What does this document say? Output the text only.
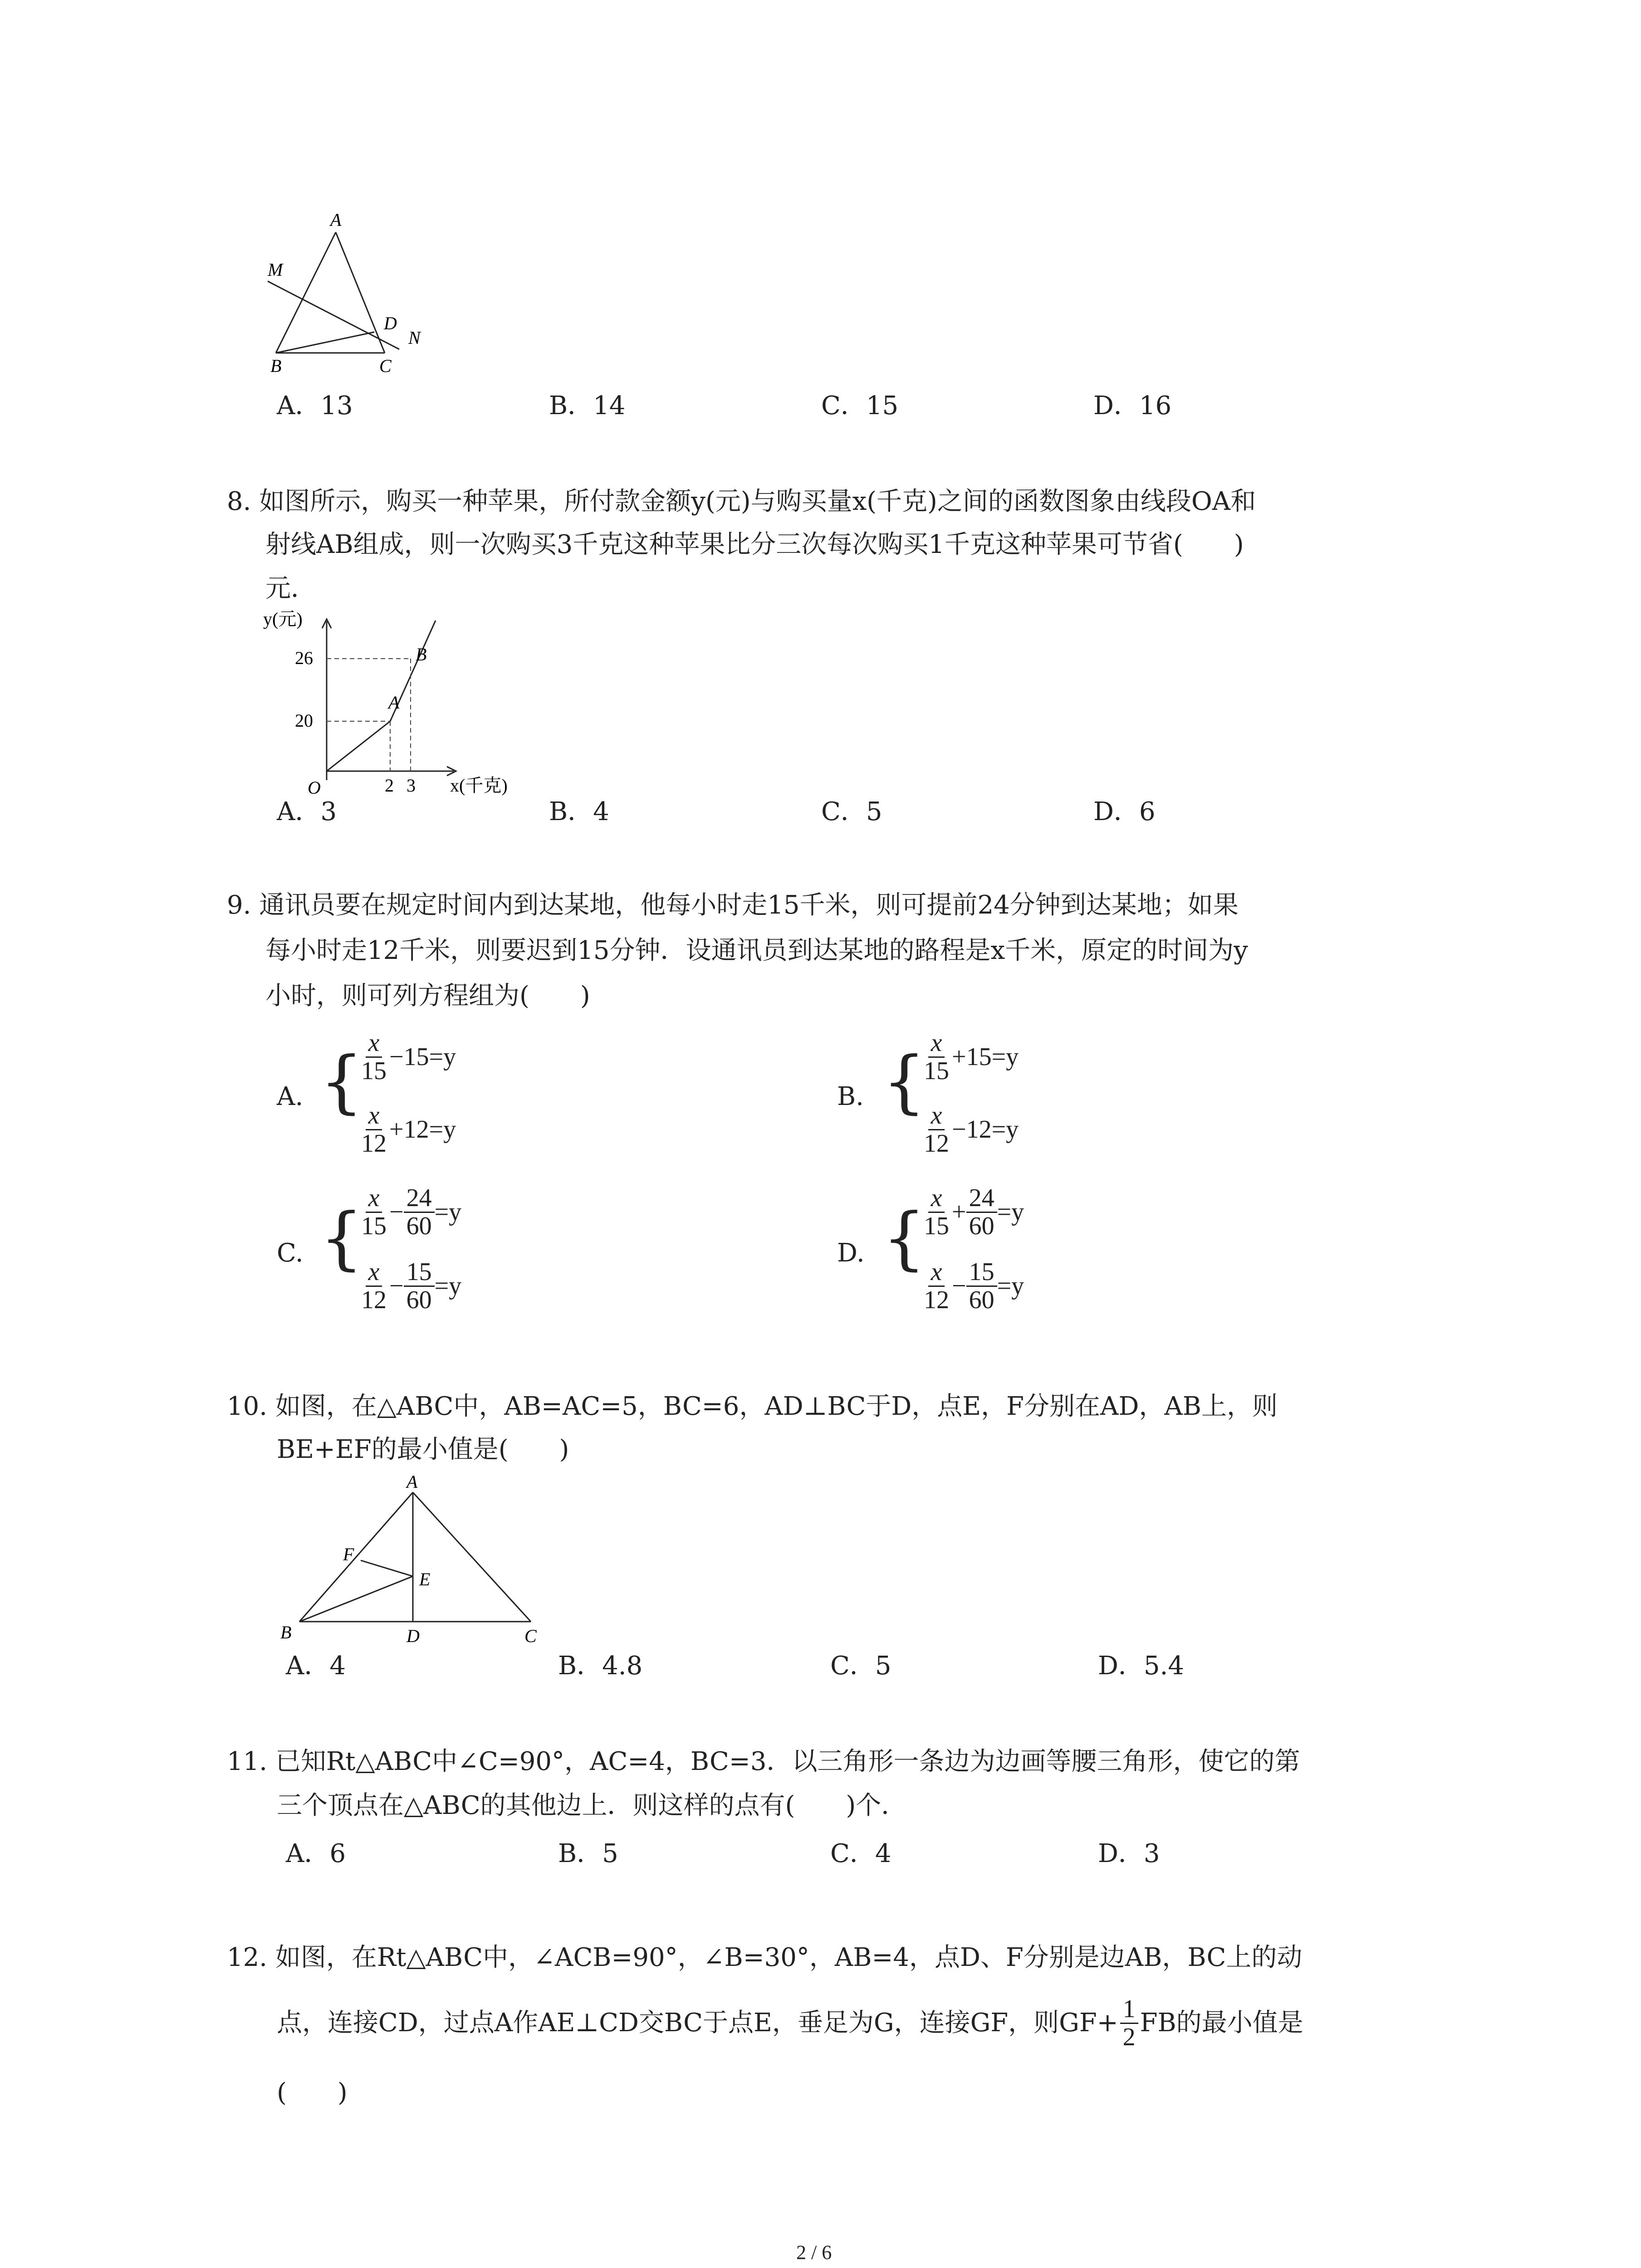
A
M
D
N
B	C
A．13	B．14	C．15	D．16
8. 如图所示，购买一种苹果，所付款金额y(元)与购买量x(千克)之间的函数图象由线段OA和
射线AB组成，则一次购买3千克这种苹果比分三次每次购买1千克这种苹果可节省(　　)
元．
y(元)
26
20
O	2 3 x(千克)
A
B
A．3	B．4	C．5	D．6
9. 通讯员要在规定时间内到达某地，他每小时走15千米，则可提前24分钟到达某地；如果
每小时走12千米，则要迟到15分钟．设通讯员到达某地的路程是x千米，原定的时间为y
小时，则可列方程组为(　　)
A. {
$\frac{x}{15} -15=y$
$\frac{x}{12} +12=y$
B. {
$\frac{x}{15} +15=y$
$\frac{x}{12} -12=y$
C. {
$\frac{x}{15} - \frac{24}{60} =y$
$\frac{x}{12} - \frac{15}{60} =y$
D. {
$\frac{x}{15} + \frac{24}{60} =y$
$\frac{x}{12} - \frac{15}{60} =y$
10. 如图，在△ABC中，AB=AC=5，BC=6，AD⊥BC于D，点E，F分别在AD，AB上，则
BE+EF的最小值是(　　)
A
F
E
B	D	C
A．4	B．4.8	C．5	D．5.4
11. 已知Rt△ABC中∠C=90°，AC=4，BC=3．以三角形一条边为边画等腰三角形，使它的第
三个顶点在△ABC的其他边上．则这样的点有(　　)个．
A．6	B．5	C．4	D．3
12. 如图，在Rt△ABC中，∠ACB=90°，∠B=30°，AB=4，点D、F分别是边AB，BC上的动
点，连接CD，过点A作AE⊥CD交BC于点E，垂足为G，连接GF，则$GF+ \frac{1}{2}$ FB的最小值是
(　　)
2 / 6
